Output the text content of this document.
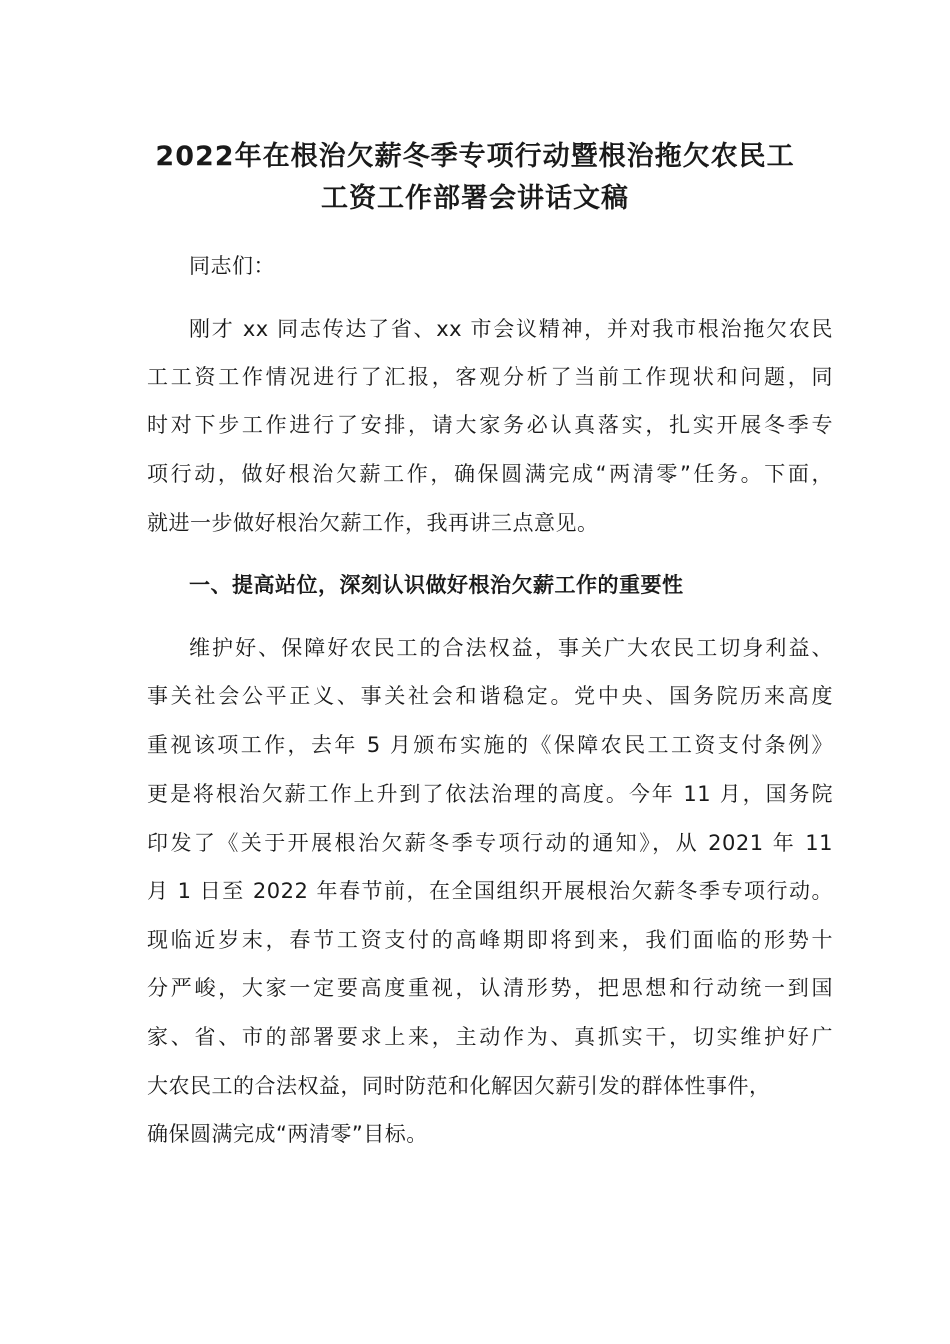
2022年在根治欠薪冬季专项行动暨根治拖欠农民工
工资工作部署会讲话文稿

同志们：

刚才 xx 同志传达了省、xx 市会议精神，并对我市根治拖欠农民

工工资工作情况进行了汇报，客观分析了当前工作现状和问题，同

时对下步工作进行了安排，请大家务必认真落实，扎实开展冬季专

项行动，做好根治欠薪工作，确保圆满完成“两清零”任务。下面，

就进一步做好根治欠薪工作，我再讲三点意见。

一、提高站位，深刻认识做好根治欠薪工作的重要性

维护好、保障好农民工的合法权益，事关广大农民工切身利益、

事关社会公平正义、事关社会和谐稳定。党中央、国务院历来高度

重视该项工作，去年 5 月颁布实施的《保障农民工工资支付条例》

更是将根治欠薪工作上升到了依法治理的高度。今年 11 月，国务院

印发了《关于开展根治欠薪冬季专项行动的通知》，从 2021 年 11

月 1 日至 2022 年春节前，在全国组织开展根治欠薪冬季专项行动。

现临近岁末，春节工资支付的高峰期即将到来，我们面临的形势十

分严峻，大家一定要高度重视，认清形势，把思想和行动统一到国

家、省、市的部署要求上来，主动作为、真抓实干，切实维护好广

大农民工的合法权益，同时防范和化解因欠薪引发的群体性事件，

确保圆满完成“两清零”目标。
